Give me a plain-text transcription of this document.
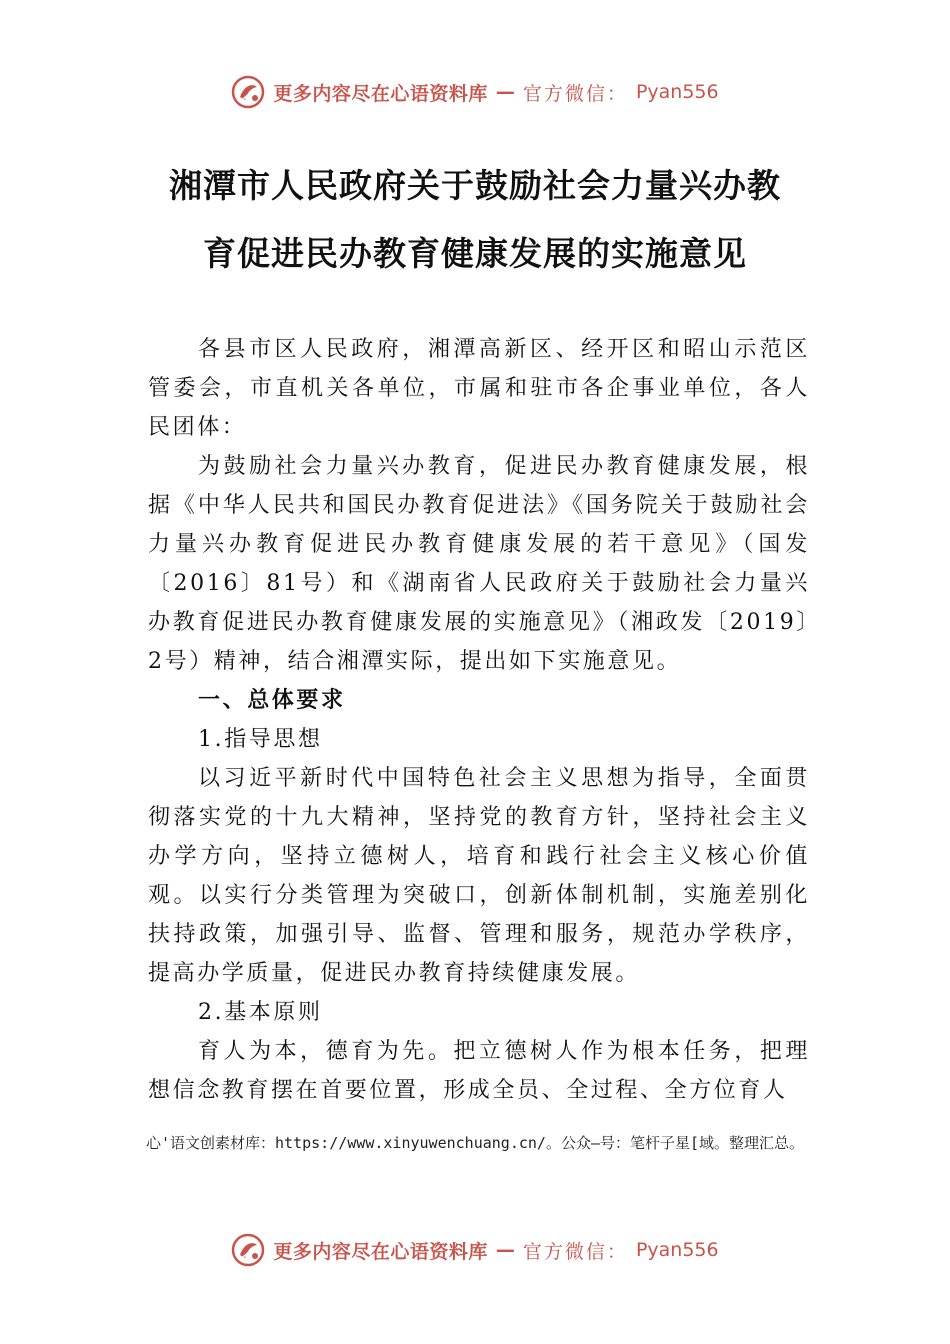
更多内容尽在心语资料库 — 官方微信： Pyan556
湘潭市人民政府关于鼓励社会力量兴办教
育促进民办教育健康发展的实施意见

各县市区人民政府，湘潭高新区、经开区和昭山示范区管委会，市直机关各单位，市属和驻市各企事业单位，各人民团体：

为鼓励社会力量兴办教育，促进民办教育健康发展，根据《中华人民共和国民办教育促进法》《国务院关于鼓励社会力量兴办教育促进民办教育健康发展的若干意见》（国发〔2016〕81号）和《湖南省人民政府关于鼓励社会力量兴办教育促进民办教育健康发展的实施意见》（湘政发〔2019〕2号）精神，结合湘潭实际，提出如下实施意见。

一、总体要求

1.指导思想

以习近平新时代中国特色社会主义思想为指导，全面贯彻落实党的十九大精神，坚持党的教育方针，坚持社会主义办学方向，坚持立德树人，培育和践行社会主义核心价值观。以实行分类管理为突破口，创新体制机制，实施差别化扶持政策，加强引导、监督、管理和服务，规范办学秩序，提高办学质量，促进民办教育持续健康发展。

2.基本原则

育人为本，德育为先。把立德树人作为根本任务，把理想信念教育摆在首要位置，形成全员、全过程、全方位育人

心'语文创素材库：https://www.xinyuwenchuang.cn/。公众—号：笔杆子星[域。整理汇总。
更多内容尽在心语资料库 — 官方微信： Pyan556
